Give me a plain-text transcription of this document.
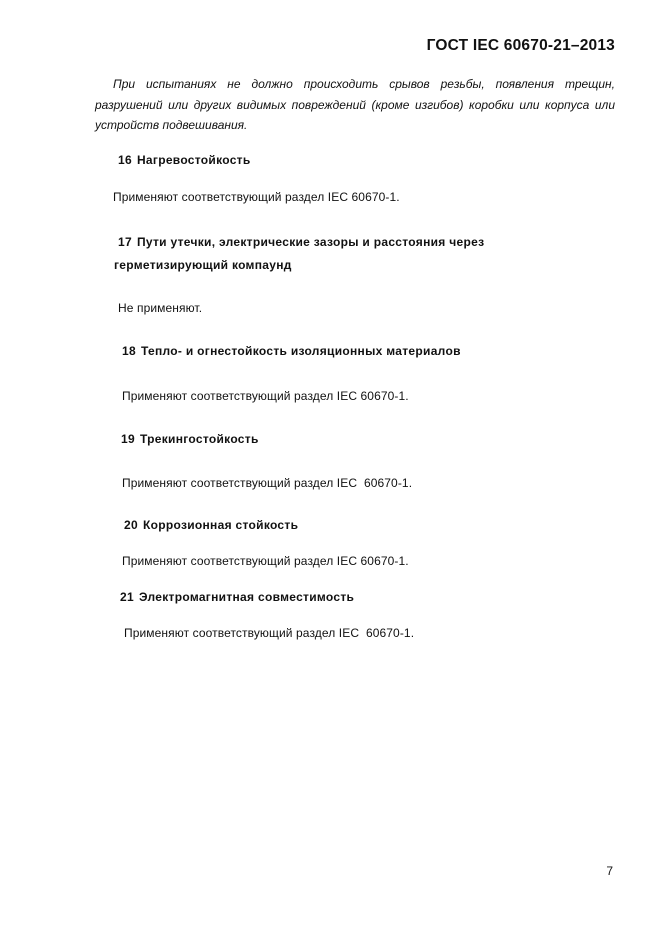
ГОСТ IEC 60670-21–2013
При испытаниях не должно происходить срывов резьбы, появления трещин, разрушений или других видимых повреждений (кроме изгибов) коробки или корпуса или устройств подвешивания.
16 Нагревостойкость
Применяют соответствующий раздел IEC 60670-1.
17 Пути утечки, электрические зазоры и расстояния через
герметизирующий компаунд
Не применяют.
18 Тепло- и огнестойкость изоляционных материалов
Применяют соответствующий раздел IEC 60670-1.
19 Трекингостойкость
Применяют соответствующий раздел IEC  60670-1.
20 Коррозионная стойкость
Применяют соответствующий раздел IEC 60670-1.
21 Электромагнитная совместимость
Применяют соответствующий раздел IEC  60670-1.
7
